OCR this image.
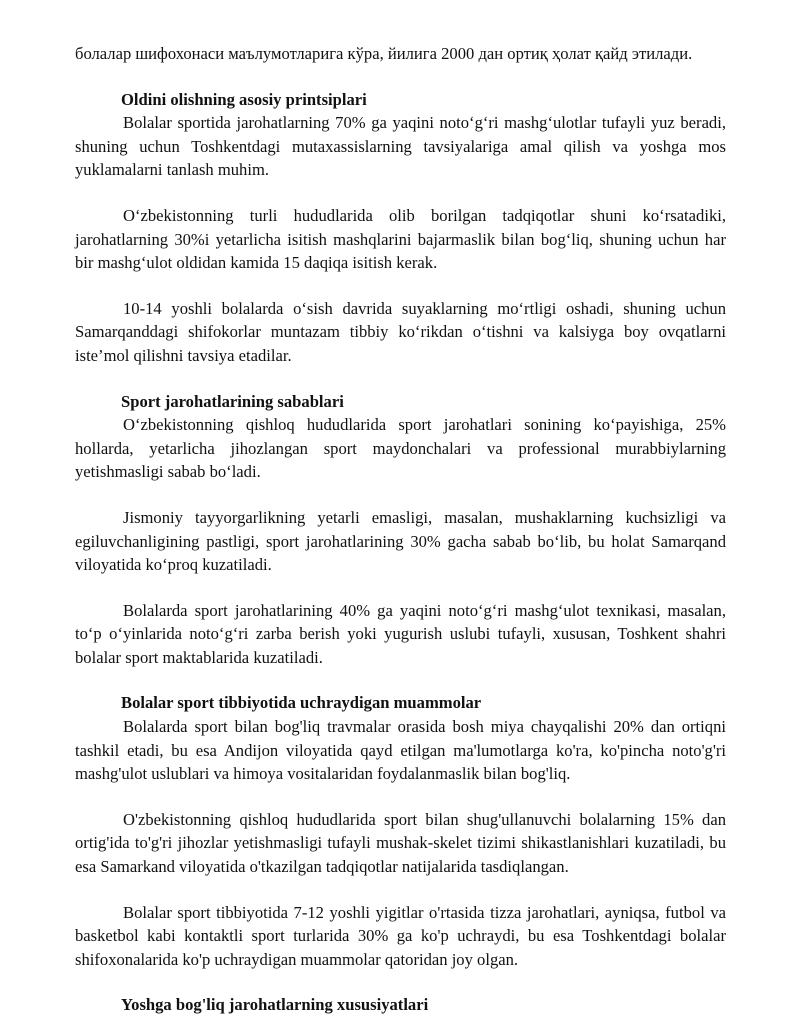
болалар шифохонаси маълумотларига кўра, йилига 2000 дан ортиқ ҳолат қайд этилади.

Oldini olishning asosiy printsiplari

Bolalar sportida jarohatlarning 70% ga yaqini noto‘g‘ri mashg‘ulotlar tufayli yuz beradi, shuning uchun Toshkentdagi mutaxassislarning tavsiyalariga amal qilish va yoshga mos yuklamalarni tanlash muhim.

O‘zbekistonning turli hududlarida olib borilgan tadqiqotlar shuni ko‘rsatadiki, jarohatlarning 30%i yetarlicha isitish mashqlarini bajarmaslik bilan bog‘liq, shuning uchun har bir mashg‘ulot oldidan kamida 15 daqiqa isitish kerak.

10-14 yoshli bolalarda o‘sish davrida suyaklarning mo‘rtligi oshadi, shuning uchun Samarqanddagi shifokorlar muntazam tibbiy ko‘rikdan o‘tishni va kalsiyga boy ovqatlarni iste’mol qilishni tavsiya etadilar.

Sport jarohatlarining sabablari

O‘zbekistonning qishloq hududlarida sport jarohatlari sonining ko‘payishiga, 25% hollarda, yetarlicha jihozlangan sport maydonchalari va professional murabbiylarning yetishmasligi sabab bo‘ladi.

Jismoniy tayyorgarlikning yetarli emasligi, masalan, mushaklarning kuchsizligi va egiluvchanligining pastligi, sport jarohatlarining 30% gacha sabab bo‘lib, bu holat Samarqand viloyatida ko‘proq kuzatiladi.

Bolalarda sport jarohatlarining 40% ga yaqini noto‘g‘ri mashg‘ulot texnikasi, masalan, to‘p o‘yinlarida noto‘g‘ri zarba berish yoki yugurish uslubi tufayli, xususan, Toshkent shahri bolalar sport maktablarida kuzatiladi.

Bolalar sport tibbiyotida uchraydigan muammolar

Bolalarda sport bilan bog'liq travmalar orasida bosh miya chayqalishi 20% dan ortiqni tashkil etadi, bu esa Andijon viloyatida qayd etilgan ma'lumotlarga ko'ra, ko'pincha noto'g'ri mashg'ulot uslublari va himoya vositalaridan foydalanmaslik bilan bog'liq.

O'zbekistonning qishloq hududlarida sport bilan shug'ullanuvchi bolalarning 15% dan ortig'ida to'g'ri jihozlar yetishmasligi tufayli mushak-skelet tizimi shikastlanishlari kuzatiladi, bu esa Samarkand viloyatida o'tkazilgan tadqiqotlar natijalarida tasdiqlangan.

Bolalar sport tibbiyotida 7-12 yoshli yigitlar o'rtasida tizza jarohatlari, ayniqsa, futbol va basketbol kabi kontaktli sport turlarida 30% ga ko'p uchraydi, bu esa Toshkentdagi bolalar shifoxonalarida ko'p uchraydigan muammolar qatoridan joy olgan.

Yoshga bog'liq jarohatlarning xususiyatlari
